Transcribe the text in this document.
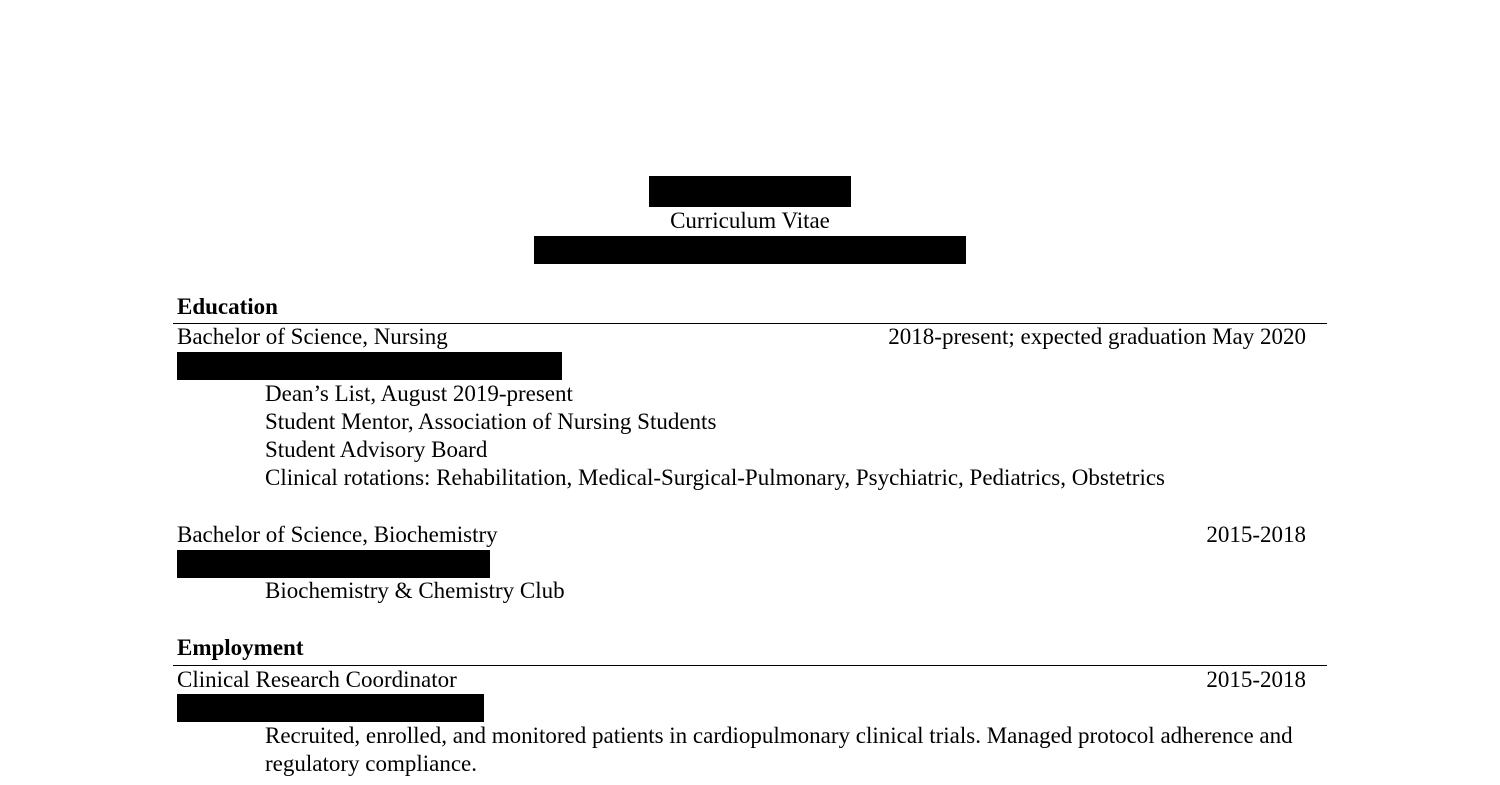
Curriculum Vitae
Education
Bachelor of Science, Nursing	2018-present; expected graduation May 2020
Dean’s List, August 2019-present
Student Mentor, Association of Nursing Students
Student Advisory Board
Clinical rotations: Rehabilitation, Medical-Surgical-Pulmonary, Psychiatric, Pediatrics, Obstetrics
Bachelor of Science, Biochemistry	2015-2018
Biochemistry & Chemistry Club
Employment
Clinical Research Coordinator	2015-2018
Recruited, enrolled, and monitored patients in cardiopulmonary clinical trials. Managed protocol adherence and regulatory compliance.
